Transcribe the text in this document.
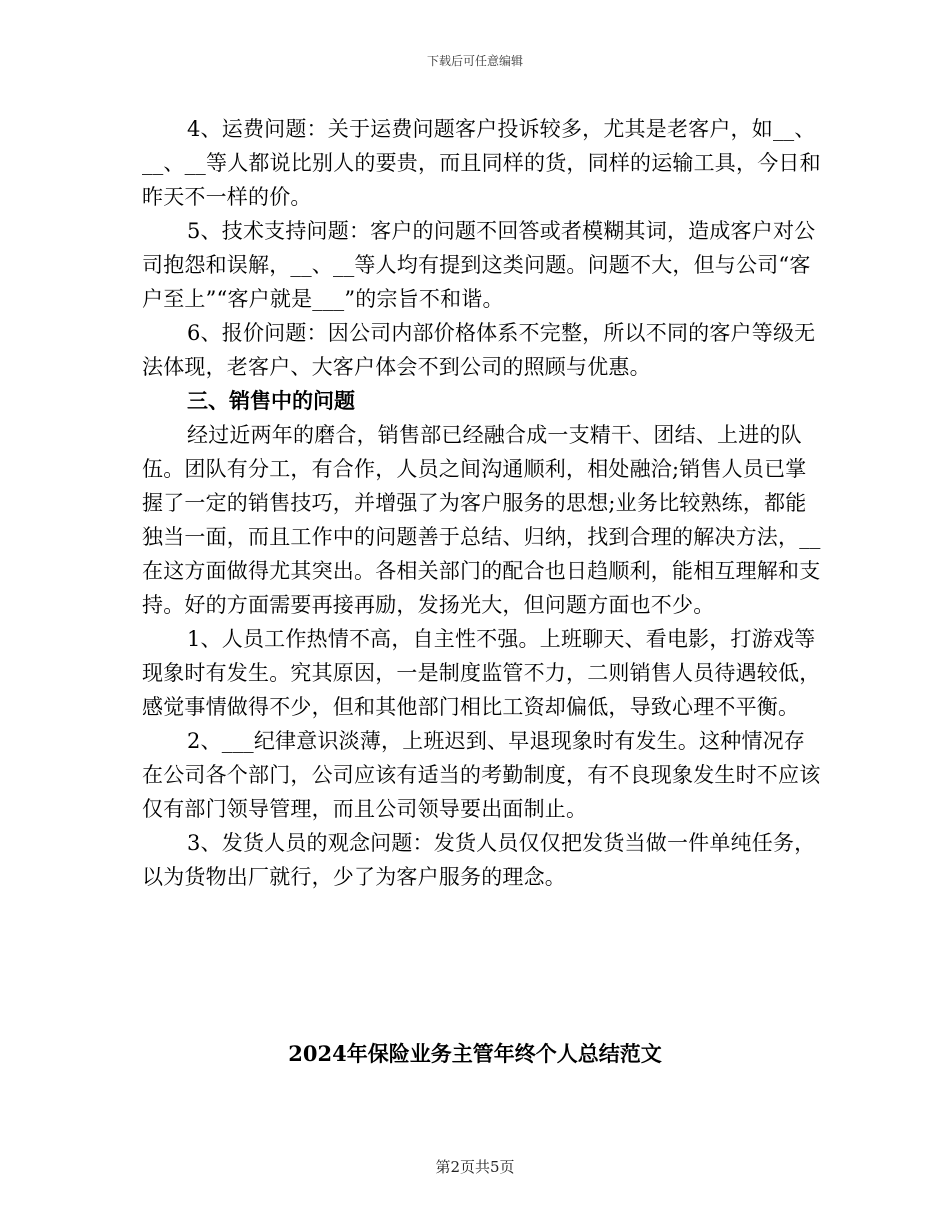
下载后可任意编辑

4、运费问题：关于运费问题客户投诉较多，尤其是老客户，如__、__、__等人都说比别人的要贵，而且同样的货，同样的运输工具，今日和昨天不一样的价。

5、技术支持问题：客户的问题不回答或者模糊其词，造成客户对公司抱怨和误解，__、__等人均有提到这类问题。问题不大，但与公司“客户至上”“客户就是___”的宗旨不和谐。

6、报价问题：因公司内部价格体系不完整，所以不同的客户等级无法体现，老客户、大客户体会不到公司的照顾与优惠。

三、销售中的问题

经过近两年的磨合，销售部已经融合成一支精干、团结、上进的队伍。团队有分工，有合作，人员之间沟通顺利，相处融洽;销售人员已掌握了一定的销售技巧，并增强了为客户服务的思想;业务比较熟练，都能独当一面，而且工作中的问题善于总结、归纳，找到合理的解决方法，__在这方面做得尤其突出。各相关部门的配合也日趋顺利，能相互理解和支持。好的方面需要再接再励，发扬光大，但问题方面也不少。

1、人员工作热情不高，自主性不强。上班聊天、看电影，打游戏等现象时有发生。究其原因，一是制度监管不力，二则销售人员待遇较低，感觉事情做得不少，但和其他部门相比工资却偏低，导致心理不平衡。

2、___纪律意识淡薄，上班迟到、早退现象时有发生。这种情况存在公司各个部门，公司应该有适当的考勤制度，有不良现象发生时不应该仅有部门领导管理，而且公司领导要出面制止。

3、发货人员的观念问题：发货人员仅仅把发货当做一件单纯任务，以为货物出厂就行，少了为客户服务的理念。

2024年保险业务主管年终个人总结范文
第2页共5页
